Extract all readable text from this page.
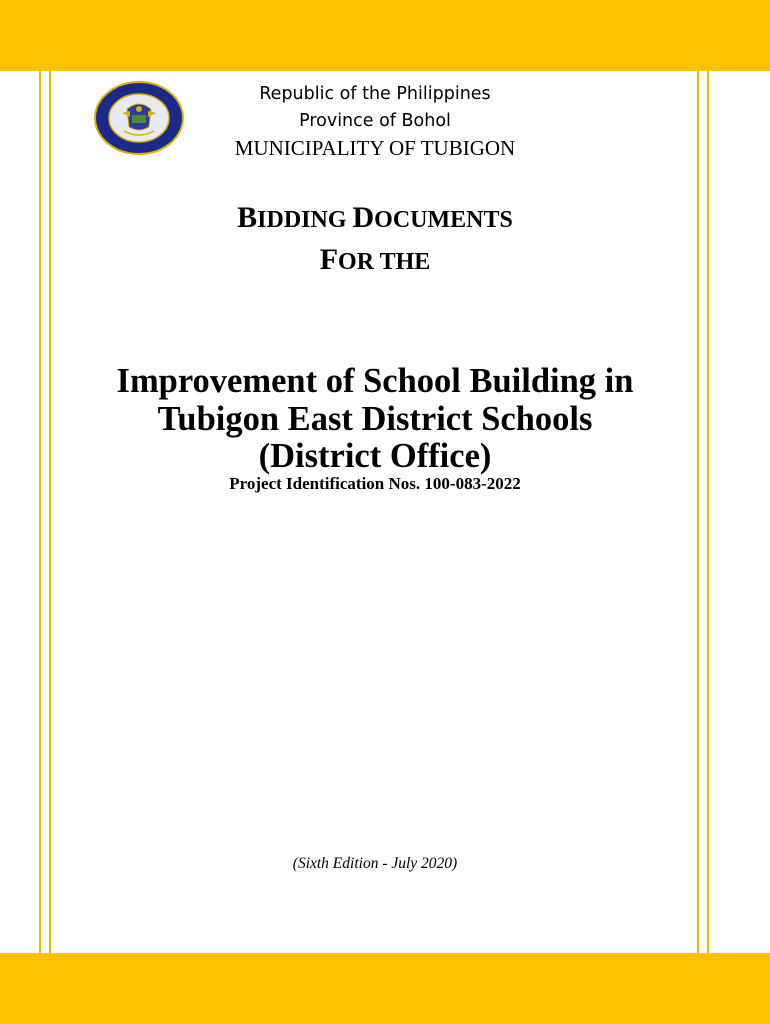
Republic of the Philippines
Province of Bohol
MUNICIPALITY OF TUBIGON
BIDDING DOCUMENTS
FOR THE
Improvement of School Building in
Tubigon East District Schools
(District Office)
Project Identification Nos. 100-083-2022
(Sixth Edition - July 2020)
